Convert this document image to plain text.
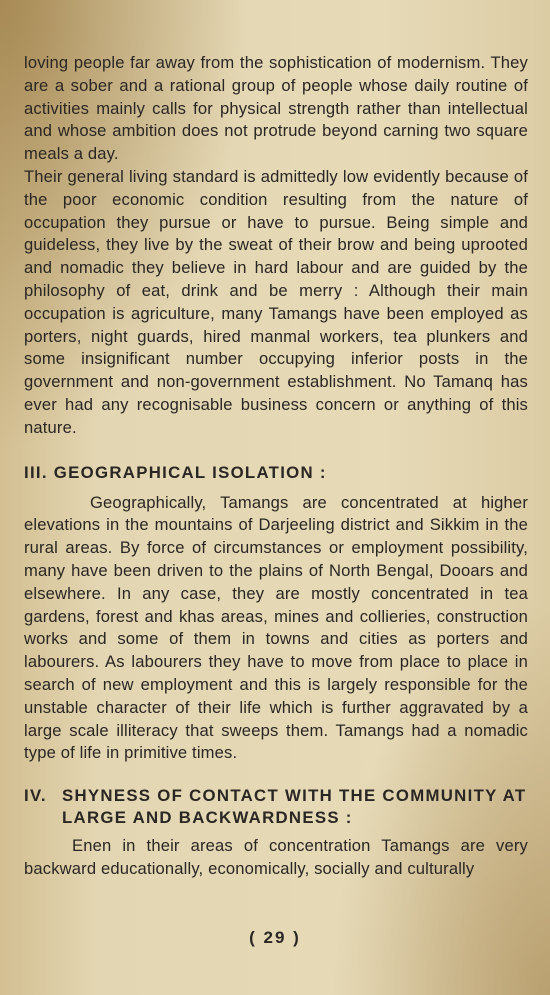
loving people far away from the sophistication of modernism. They are a sober and a rational group of people whose daily routine of activities mainly calls for physical strength rather than intellectual and whose ambition does not protrude beyond carning two square meals a day.

Their general living standard is admittedly low evidently because of the poor economic condition resulting from the nature of occupation they pursue or have to pursue. Being simple and guideless, they live by the sweat of their brow and being uprooted and nomadic they believe in hard labour and are guided by the philosophy of eat, drink and be merry : Although their main occupation is agriculture, many Tamangs have been employed as porters, night guards, hired manmal workers, tea plunkers and some insignificant number occupying inferior posts in the government and non-government establishment. No Tamanq has ever had any recognisable business concern or anything of this nature.

III. GEOGRAPHICAL ISOLATION :

Geographically, Tamangs are concentrated at higher elevations in the mountains of Darjeeling district and Sikkim in the rural areas. By force of circumstances or employment possibility, many have been driven to the plains of North Bengal, Dooars and elsewhere. In any case, they are mostly concentrated in tea gardens, forest and khas areas, mines and collieries, construction works and some of them in towns and cities as porters and labourers. As labourers they have to move from place to place in search of new employment and this is largely responsible for the unstable character of their life which is further aggravated by a large scale illiteracy that sweeps them. Tamangs had a nomadic type of life in primitive times.

IV. SHYNESS OF CONTACT WITH THE COMMUNITY AT LARGE AND BACKWARDNESS :

Enen in their areas of concentration Tamangs are very backward educationally, economically, socially and culturally

( 29 )
